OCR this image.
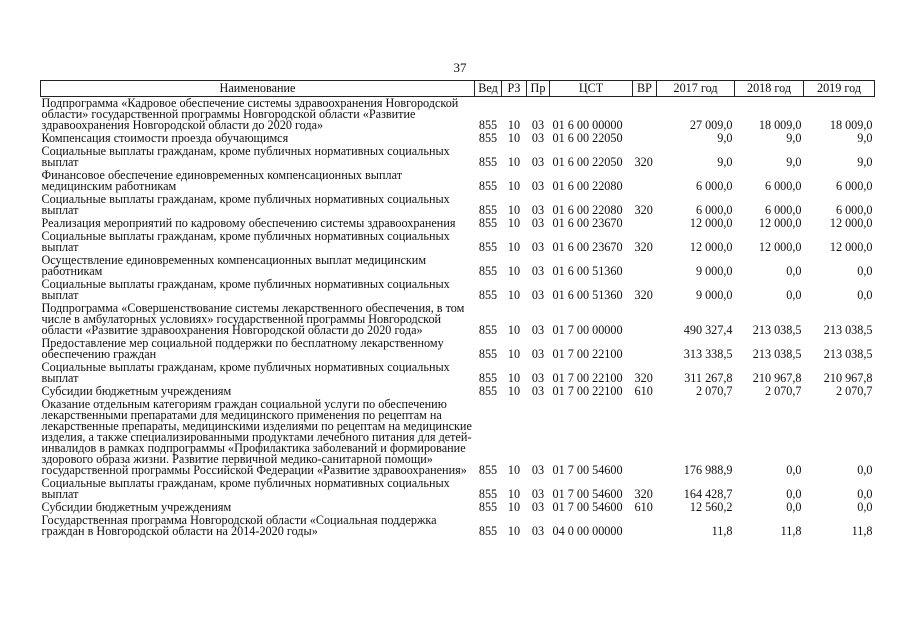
37
Наименование	Вед	РЗ	Пр	ЦСТ	ВР	2017 год	2018 год	2019 год
Подпрограмма «Кадровое обеспечение системы здравоохранения Новгородской области» государственной программы Новгородской области «Развитие здравоохранения Новгородской области до 2020 года»	855	10	03	01 6 00 00000		27 009,0	18 009,0	18 009,0
Компенсация стоимости проезда обучающимся	855	10	03	01 6 00 22050		9,0	9,0	9,0
Социальные выплаты гражданам, кроме публичных нормативных социальных выплат	855	10	03	01 6 00 22050	320	9,0	9,0	9,0
Финансовое обеспечение единовременных компенсационных выплат медицинским работникам	855	10	03	01 6 00 22080		6 000,0	6 000,0	6 000,0
Социальные выплаты гражданам, кроме публичных нормативных социальных выплат	855	10	03	01 6 00 22080	320	6 000,0	6 000,0	6 000,0
Реализация мероприятий по кадровому обеспечению системы здравоохранения	855	10	03	01 6 00 23670		12 000,0	12 000,0	12 000,0
Социальные выплаты гражданам, кроме публичных нормативных социальных выплат	855	10	03	01 6 00 23670	320	12 000,0	12 000,0	12 000,0
Осуществление единовременных компенсационных выплат медицинским работникам	855	10	03	01 6 00 51360		9 000,0	0,0	0,0
Социальные выплаты гражданам, кроме публичных нормативных социальных выплат	855	10	03	01 6 00 51360	320	9 000,0	0,0	0,0
Подпрограмма «Совершенствование системы лекарственного обеспечения, в том числе в амбулаторных условиях» государственной программы Новгородской области «Развитие здравоохранения Новгородской области до 2020 года»	855	10	03	01 7 00 00000		490 327,4	213 038,5	213 038,5
Предоставление мер социальной поддержки по бесплатному лекарственному обеспечению граждан	855	10	03	01 7 00 22100		313 338,5	213 038,5	213 038,5
Социальные выплаты гражданам, кроме публичных нормативных социальных выплат	855	10	03	01 7 00 22100	320	311 267,8	210 967,8	210 967,8
Субсидии бюджетным учреждениям	855	10	03	01 7 00 22100	610	2 070,7	2 070,7	2 070,7
Оказание отдельным категориям граждан социальной услуги по обеспечению лекарственными препаратами для медицинского применения по рецептам на лекарственные препараты, медицинскими изделиями по рецептам на медицинские изделия, а также специализированными продуктами лечебного питания для детей-инвалидов в рамках подпрограммы «Профилактика заболеваний и формирование здорового образа жизни. Развитие первичной медико-санитарной помощи» государственной программы Российской Федерации «Развитие здравоохранения»	855	10	03	01 7 00 54600		176 988,9	0,0	0,0
Социальные выплаты гражданам, кроме публичных нормативных социальных выплат	855	10	03	01 7 00 54600	320	164 428,7	0,0	0,0
Субсидии бюджетным учреждениям	855	10	03	01 7 00 54600	610	12 560,2	0,0	0,0
Государственная программа Новгородской области «Социальная поддержка граждан в Новгородской области на 2014-2020 годы»	855	10	03	04 0 00 00000		11,8	11,8	11,8
